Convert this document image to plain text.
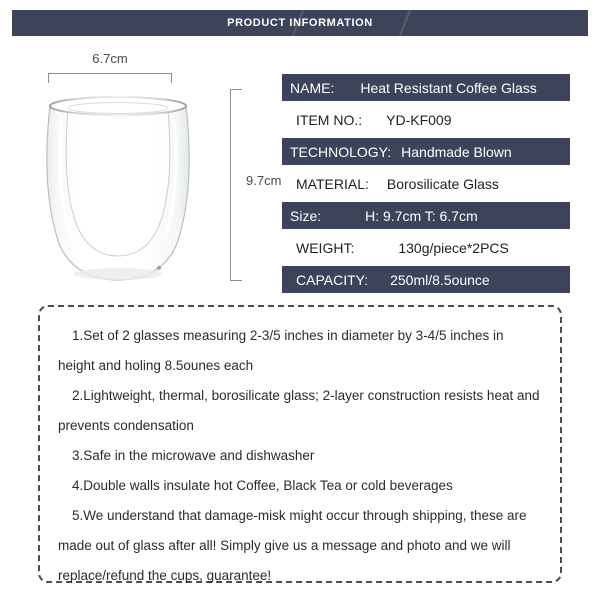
PRODUCT INFORMATION
6.7cm
9.7cm
NAME: Heat Resistant Coffee Glass
ITEM NO.: YD-KF009
TECHNOLOGY: Handmade Blown
MATERIAL: Borosilicate Glass
Size:	H: 9.7cm T: 6.7cm
WEIGHT:	130g/piece*2PCS
CAPACITY: 250ml/8.5ounce
1.Set of 2 glasses measuring 2-3/5 inches in diameter by 3-4/5 inches in height and holing 8.5ounes each
2.Lightweight, thermal, borosilicate glass; 2-layer construction resists heat and prevents condensation
3.Safe in the microwave and dishwasher
4.Double walls insulate hot Coffee, Black Tea or cold beverages
5.We understand that damage-misk might occur through shipping, these are made out of glass after all! Simply give us a message and photo and we will replace/refund the cups, guarantee!
